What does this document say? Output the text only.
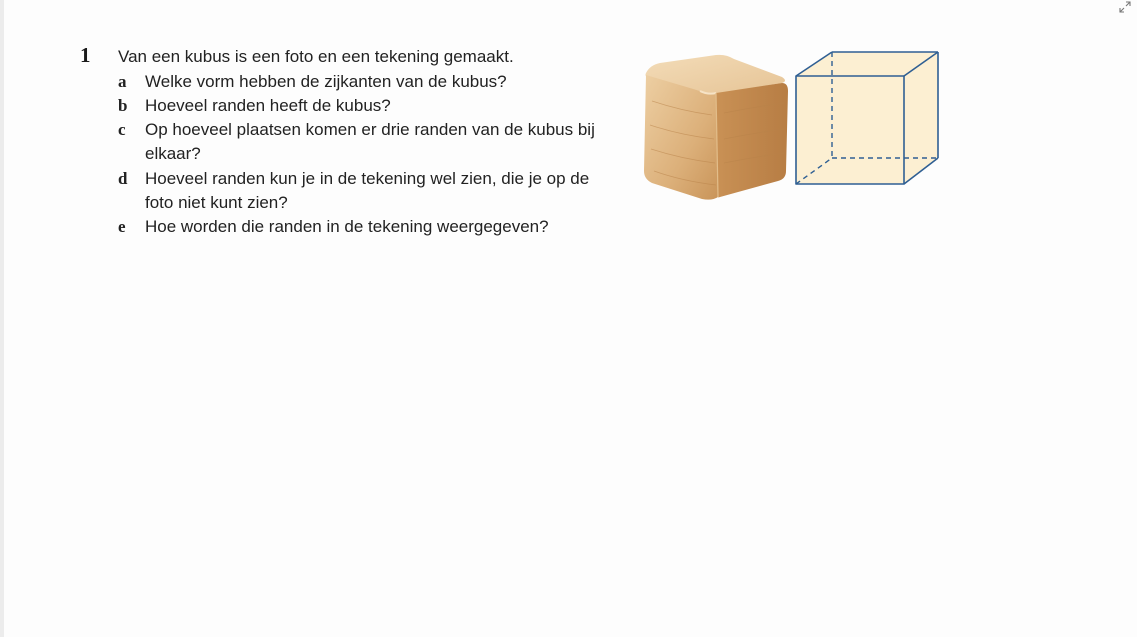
1 Van een kubus is een foto en een tekening gemaakt.
a	Welke vorm hebben de zijkanten van de kubus?
b	Hoeveel randen heeft de kubus?
c	Op hoeveel plaatsen komen er drie randen van de kubus bij elkaar?
d	Hoeveel randen kun je in de tekening wel zien, die je op de foto niet kunt zien?
e	Hoe worden die randen in de tekening weergegeven?
